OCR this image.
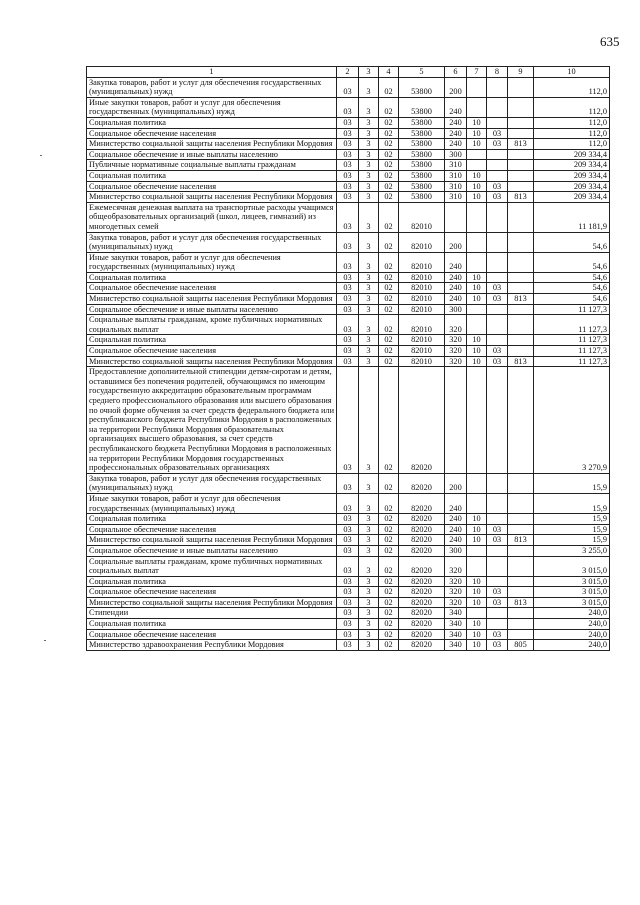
635
1	2	3	4	5	6	7	8	9	10
Закупка товаров, работ и услуг для обеспечения государственных (муниципальных) нужд	03	3	02	53800	200				112,0
Иные закупки товаров, работ и услуг для обеспечения государственных (муниципальных) нужд	03	3	02	53800	240				112,0
Социальная политика	03	3	02	53800	240	10			112,0
Социальное обеспечение населения	03	3	02	53800	240	10	03		112,0
Министерство социальной защиты населения Республики Мордовия	03	3	02	53800	240	10	03	813	112,0
Социальное обеспечение и иные выплаты населению	03	3	02	53800	300				209 334,4
Публичные нормативные социальные выплаты гражданам	03	3	02	53800	310				209 334,4
Социальная политика	03	3	02	53800	310	10			209 334,4
Социальное обеспечение населения	03	3	02	53800	310	10	03		209 334,4
Министерство социальной защиты населения Республики Мордовия	03	3	02	53800	310	10	03	813	209 334,4
Ежемесячная денежная выплата на транспортные расходы учащимся общеобразовательных организаций (школ, лицеев, гимназий) из многодетных семей	03	3	02	82010					11 181,9
Закупка товаров, работ и услуг для обеспечения государственных (муниципальных) нужд	03	3	02	82010	200				54,6
Иные закупки товаров, работ и услуг для обеспечения государственных (муниципальных) нужд	03	3	02	82010	240				54,6
Социальная политика	03	3	02	82010	240	10			54,6
Социальное обеспечение населения	03	3	02	82010	240	10	03		54,6
Министерство социальной защиты населения Республики Мордовия	03	3	02	82010	240	10	03	813	54,6
Социальное обеспечение и иные выплаты населению	03	3	02	82010	300				11 127,3
Социальные выплаты гражданам, кроме публичных нормативных социальных выплат	03	3	02	82010	320				11 127,3
Социальная политика	03	3	02	82010	320	10			11 127,3
Социальное обеспечение населения	03	3	02	82010	320	10	03		11 127,3
Министерство социальной защиты населения Республики Мордовия	03	3	02	82010	320	10	03	813	11 127,3
Предоставление дополнительной стипендии детям-сиротам и детям, оставшимся без попечения родителей, обучающимся по имеющим государственную аккредитацию образовательным программам среднего профессионального образования или высшего образования по очной форме обучения за счет средств федерального бюджета или республиканского бюджета Республики Мордовия в расположенных на территории Республики Мордовия образовательных организациях высшего образования, за счет средств республиканского бюджета Республики Мордовия в расположенных на территории Республики Мордовия государственных профессиональных образовательных организациях	03	3	02	82020					3 270,9
Закупка товаров, работ и услуг для обеспечения государственных (муниципальных) нужд	03	3	02	82020	200				15,9
Иные закупки товаров, работ и услуг для обеспечения государственных (муниципальных) нужд	03	3	02	82020	240				15,9
Социальная политика	03	3	02	82020	240	10			15,9
Социальное обеспечение населения	03	3	02	82020	240	10	03		15,9
Министерство социальной защиты населения Республики Мордовия	03	3	02	82020	240	10	03	813	15,9
Социальное обеспечение и иные выплаты населению	03	3	02	82020	300				3 255,0
Социальные выплаты гражданам, кроме публичных нормативных социальных выплат	03	3	02	82020	320				3 015,0
Социальная политика	03	3	02	82020	320	10			3 015,0
Социальное обеспечение населения	03	3	02	82020	320	10	03		3 015,0
Министерство социальной защиты населения Республики Мордовия	03	3	02	82020	320	10	03	813	3 015,0
Стипендии	03	3	02	82020	340				240,0
Социальная политика	03	3	02	82020	340	10			240,0
Социальное обеспечение населения	03	3	02	82020	340	10	03		240,0
Министерство здравоохранения Республики Мордовия	03	3	02	82020	340	10	03	805	240,0
